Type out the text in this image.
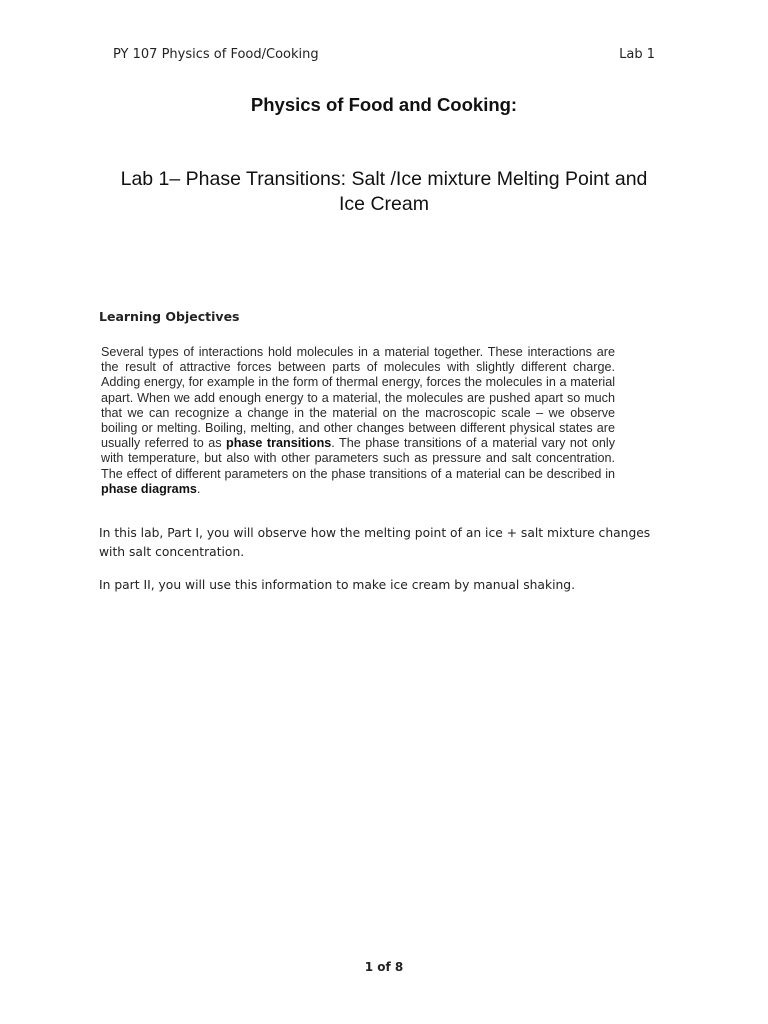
PY 107 Physics of Food/Cooking	Lab 1
Physics of Food and Cooking:
Lab 1– Phase Transitions: Salt /Ice mixture Melting Point and Ice Cream
Learning Objectives
Several types of interactions hold molecules in a material together. These interactions are the result of attractive forces between parts of molecules with slightly different charge. Adding energy, for example in the form of thermal energy, forces the molecules in a material apart. When we add enough energy to a material, the molecules are pushed apart so much that we can recognize a change in the material on the macroscopic scale – we observe boiling or melting. Boiling, melting, and other changes between different physical states are usually referred to as phase transitions. The phase transitions of a material vary not only with temperature, but also with other parameters such as pressure and salt concentration. The effect of different parameters on the phase transitions of a material can be described in phase diagrams.
In this lab, Part I, you will observe how the melting point of an ice + salt mixture changes with salt concentration.
In part II, you will use this information to make ice cream by manual shaking.
1 of 8
